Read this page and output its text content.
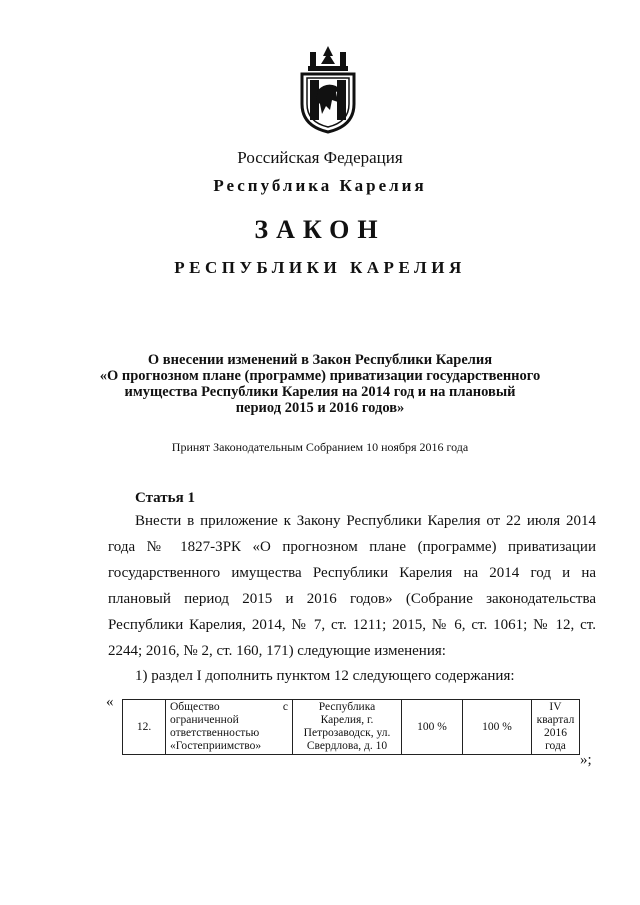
Российская Федерация
Республика Карелия
ЗАКОН
РЕСПУБЛИКИ КАРЕЛИЯ
О внесении изменений в Закон Республики Карелия
«О прогнозном плане (программе) приватизации государственного
имущества Республики Карелия на 2014 год и на плановый
период 2015 и 2016 годов»
Принят Законодательным Собранием 10 ноября 2016 года
Статья 1
Внести в приложение к Закону Республики Карелия от 22 июля 2014 года № 1827-ЗРК «О прогнозном плане (программе) приватизации государственного имущества Республики Карелия на 2014 год и на плановый период 2015 и 2016 годов» (Собрание законодательства Республики Карелия, 2014, № 7, ст. 1211; 2015, № 6, ст. 1061; № 12, ст. 2244; 2016, № 2, ст. 160, 171) следующие изменения:
1) раздел I дополнить пунктом 12 следующего содержания:
«
12.	Общество с ограниченной ответственностью «Гостеприимство»	Республика Карелия, г. Петрозаводск, ул. Свердлова, д. 10	100 %	100 %	IV квартал 2016 года
»;
